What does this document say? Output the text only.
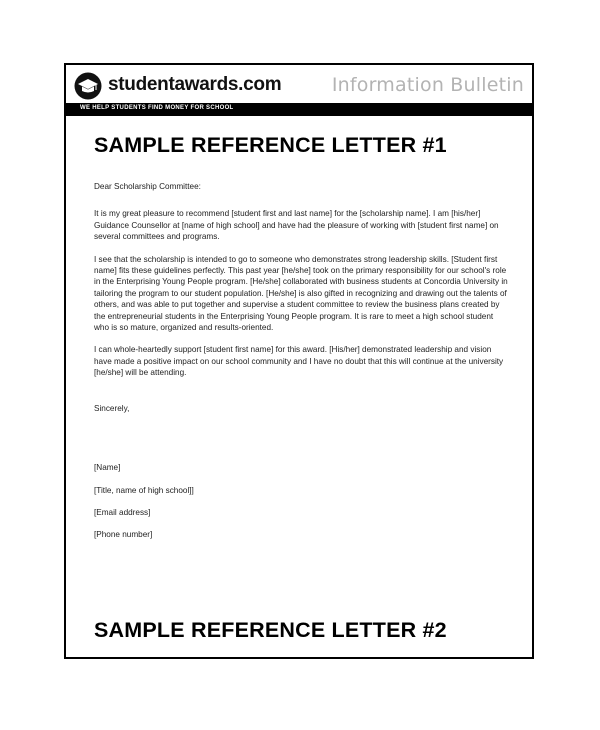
studentawards.com	Information Bulletin
WE HELP STUDENTS FIND MONEY FOR SCHOOL
SAMPLE REFERENCE LETTER #1

Dear Scholarship Committee:

It is my great pleasure to recommend [student first and last name] for the [scholarship name]. I am [his/her] Guidance Counsellor at [name of high school] and have had the pleasure of working with [student first name] on several committees and programs.

I see that the scholarship is intended to go to someone who demonstrates strong leadership skills. [Student first name] fits these guidelines perfectly. This past year [he/she] took on the primary responsibility for our school's role in the Enterprising Young People program. [He/she] collaborated with business students at Concordia University in tailoring the program to our student population. [He/she] is also gifted in recognizing and drawing out the talents of others, and was able to put together and supervise a student committee to review the business plans created by the entrepreneurial students in the Enterprising Young People program. It is rare to meet a high school student who is so mature, organized and results-oriented.

I can whole-heartedly support [student first name] for this award. [His/her] demonstrated leadership and vision have made a positive impact on our school community and I have no doubt that this will continue at the university [he/she] will be attending.

Sincerely,

[Name]

[Title, name of high school]]

[Email address]

[Phone number]

SAMPLE REFERENCE LETTER #2
